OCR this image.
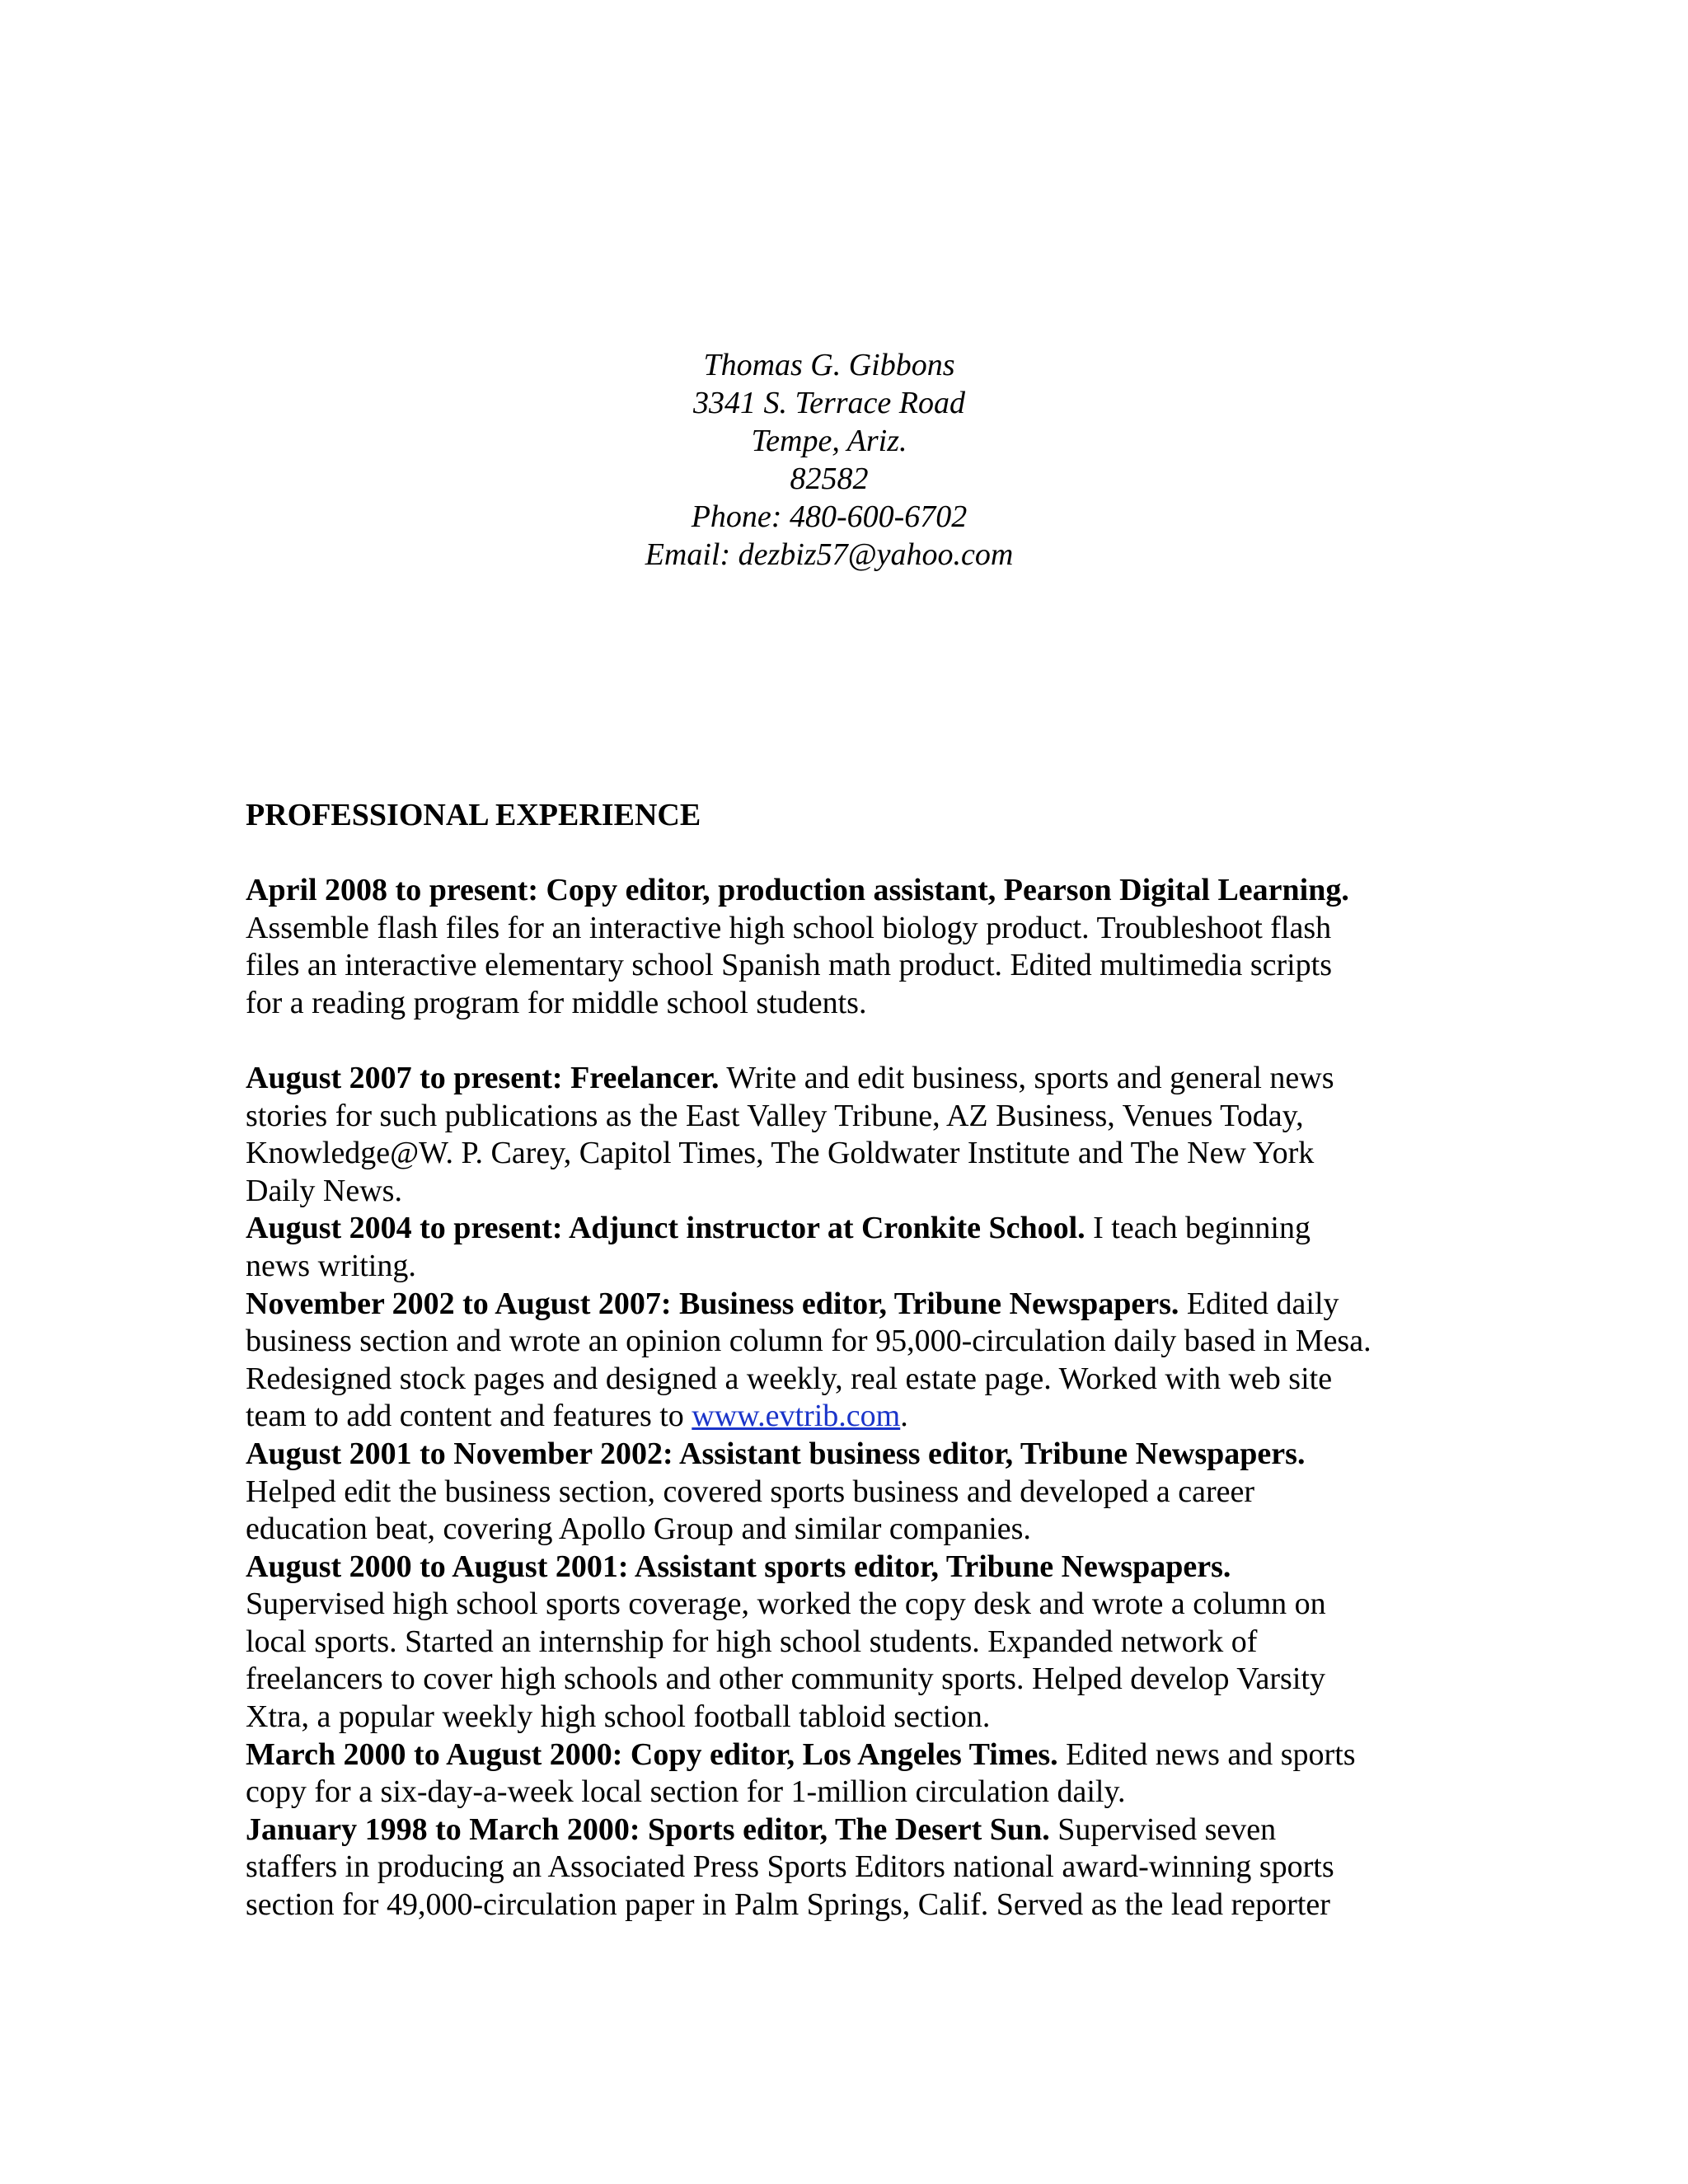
Thomas G. Gibbons
3341 S. Terrace Road
Tempe, Ariz.
82582
Phone: 480-600-6702
Email: dezbiz57@yahoo.com
PROFESSIONAL EXPERIENCE
April 2008 to present: Copy editor, production assistant, Pearson Digital Learning.
Assemble flash files for an interactive high school biology product. Troubleshoot flash
files an interactive elementary school Spanish math product. Edited multimedia scripts
for a reading program for middle school students.
August 2007 to present: Freelancer. Write and edit business, sports and general news
stories for such publications as the East Valley Tribune, AZ Business, Venues Today,
Knowledge@W. P. Carey, Capitol Times, The Goldwater Institute and The New York
Daily News.
August 2004 to present: Adjunct instructor at Cronkite School. I teach beginning
news writing.
November 2002 to August 2007: Business editor, Tribune Newspapers. Edited daily
business section and wrote an opinion column for 95,000-circulation daily based in Mesa.
Redesigned stock pages and designed a weekly, real estate page. Worked with web site
team to add content and features to www.evtrib.com.
August 2001 to November 2002: Assistant business editor, Tribune Newspapers.
Helped edit the business section, covered sports business and developed a career
education beat, covering Apollo Group and similar companies.
August 2000 to August 2001: Assistant sports editor, Tribune Newspapers.
Supervised high school sports coverage, worked the copy desk and wrote a column on
local sports. Started an internship for high school students. Expanded network of
freelancers to cover high schools and other community sports. Helped develop Varsity
Xtra, a popular weekly high school football tabloid section.
March 2000 to August 2000: Copy editor, Los Angeles Times. Edited news and sports
copy for a six-day-a-week local section for 1-million circulation daily.
January 1998 to March 2000: Sports editor, The Desert Sun. Supervised seven
staffers in producing an Associated Press Sports Editors national award-winning sports
section for 49,000-circulation paper in Palm Springs, Calif. Served as the lead reporter
